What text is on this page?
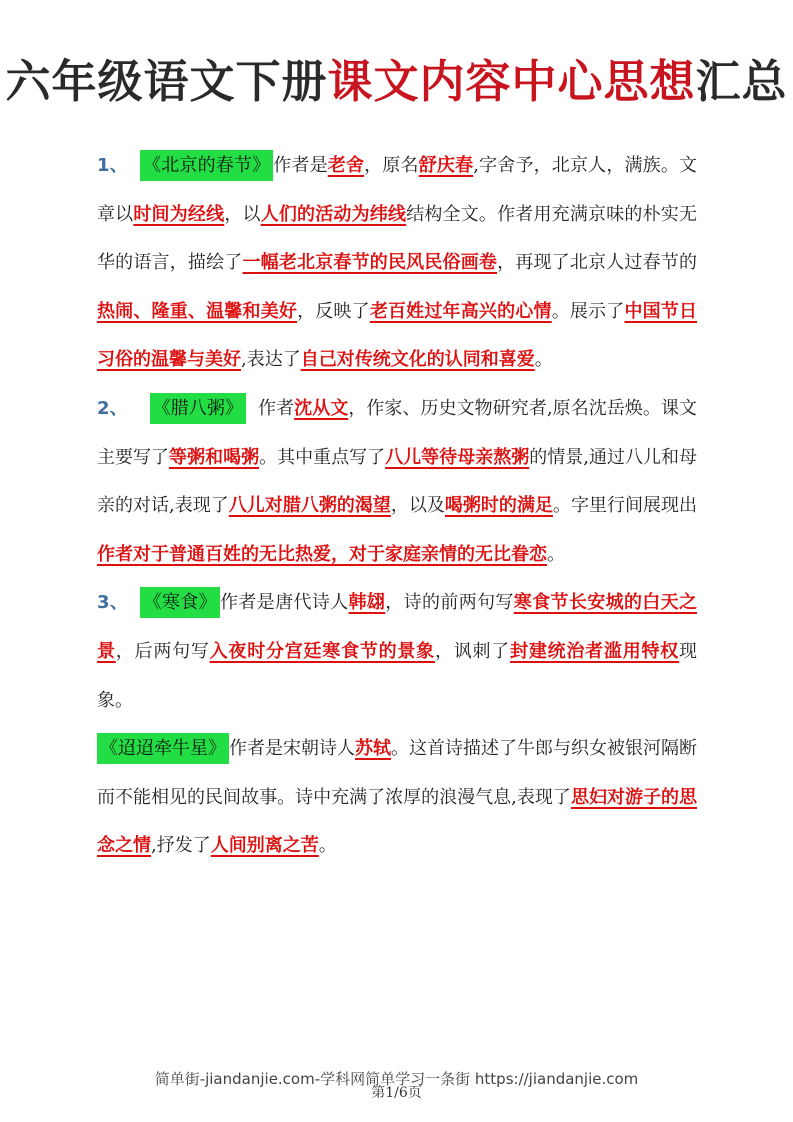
六年级语文下册课文内容中心思想汇总

1、 《北京的春节》 作者是老舍，原名舒庆春,字舍予，北京人，满族。文章以时间为经线，以人们的活动为纬线结构全文。作者用充满京味的朴实无华的语言，描绘了一幅老北京春节的民风民俗画卷，再现了北京人过春节的热闹、隆重、温馨和美好，反映了老百姓过年高兴的心情。展示了中国节日习俗的温馨与美好,表达了自己对传统文化的认同和喜爱。

2、 《腊八粥》 作者沈从文，作家、历史文物研究者,原名沈岳焕。课文主要写了等粥和喝粥。其中重点写了八儿等待母亲熬粥的情景,通过八儿和母亲的对话,表现了八儿对腊八粥的渴望，以及喝粥时的满足。字里行间展现出作者对于普通百姓的无比热爱，对于家庭亲情的无比眷恋。

3、 《寒食》 作者是唐代诗人韩翃，诗的前两句写寒食节长安城的白天之景，后两句写入夜时分宫廷寒食节的景象，讽刺了封建统治者滥用特权现象。

《迢迢牵牛星》 作者是宋朝诗人苏轼。这首诗描述了牛郎与织女被银河隔断而不能相见的民间故事。诗中充满了浓厚的浪漫气息,表现了思妇对游子的思念之情,抒发了人间别离之苦。

简单街-jiandanjie.com-学科网简单学习一条街 https://jiandanjie.com
第1/6页
